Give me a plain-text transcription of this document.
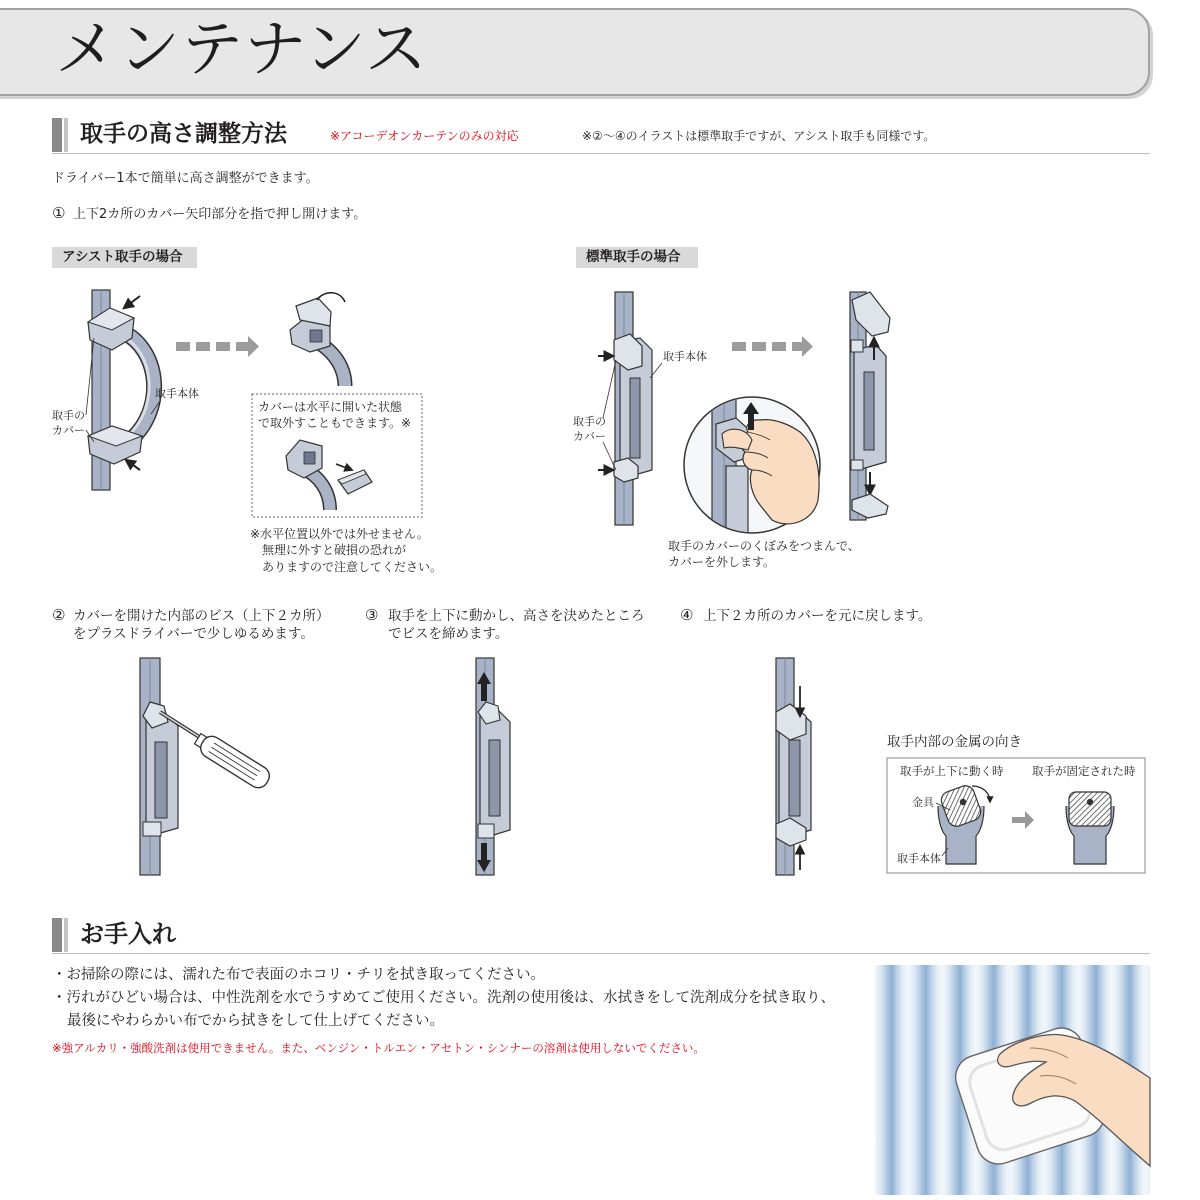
メンテナンス
取手の高さ調整方法	※アコーデオンカーテンのみの対応	※②～④のイラストは標準取手ですが、アシスト取手も同様です。
ドライバー1本で簡単に高さ調整ができます。
① 上下2カ所のカバー矢印部分を指で押し開けます。
アシスト取手の場合	標準取手の場合
取手の
カバー
取手本体
カバーは水平に開いた状態
で取外すこともできます。※
※水平位置以外では外せません。
無理に外すと破損の恐れが
ありますので注意してください。
取手本体
取手の
カバー
取手のカバーのくぼみをつまんで、
カバーを外します。
② カバーを開けた内部のビス（上下２カ所）
をプラスドライバーで少しゆるめます。
③ 取手を上下に動かし、高さを決めたところ
でビスを締めます。
④ 上下２カ所のカバーを元に戻します。
取手内部の金属の向き
取手が上下に動く時 取手が固定された時
金具
取手本体
お手入れ
・お掃除の際には、濡れた布で表面のホコリ・チリを拭き取ってください。
・汚れがひどい場合は、中性洗剤を水でうすめてご使用ください。洗剤の使用後は、水拭きをして洗剤成分を拭き取り、
最後にやわらかい布でから拭きをして仕上げてください。
※強アルカリ・強酸洗剤は使用できません。また、ベンジン・トルエン・アセトン・シンナーの溶剤は使用しないでください。
